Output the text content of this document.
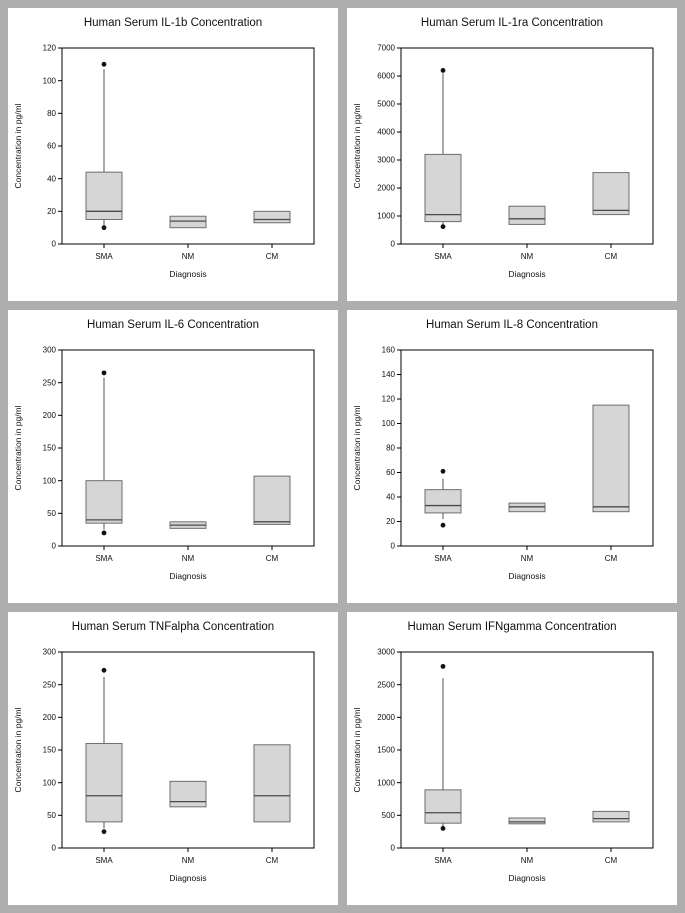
Human Serum IL-1b Concentration
0
20
40
60
80
100
120
Concentration in pg/ml
SMA	NM	CM
Diagnosis
Human Serum IL-1ra Concentration
0
1000
2000
3000
4000
5000
6000
7000
Concentration in pg/ml
SMA	NM	CM
Diagnosis
Human Serum IL-6 Concentration
0
50
100
150
200
250
300
Concentration in pg/ml
SMA	NM	CM
Diagnosis
Human Serum IL-8 Concentration
0
20
40
60
80
100
120
140
160
Concentration in pg/ml
SMA	NM	CM
Diagnosis
Human Serum TNFalpha Concentration
0
50
100
150
200
250
300
Concentration in pg/ml
SMA	NM	CM
Diagnosis
Human Serum IFNgamma Concentration
0
500
1000
1500
2000
2500
3000
Concentration in pg/ml
SMA	NM	CM
Diagnosis
